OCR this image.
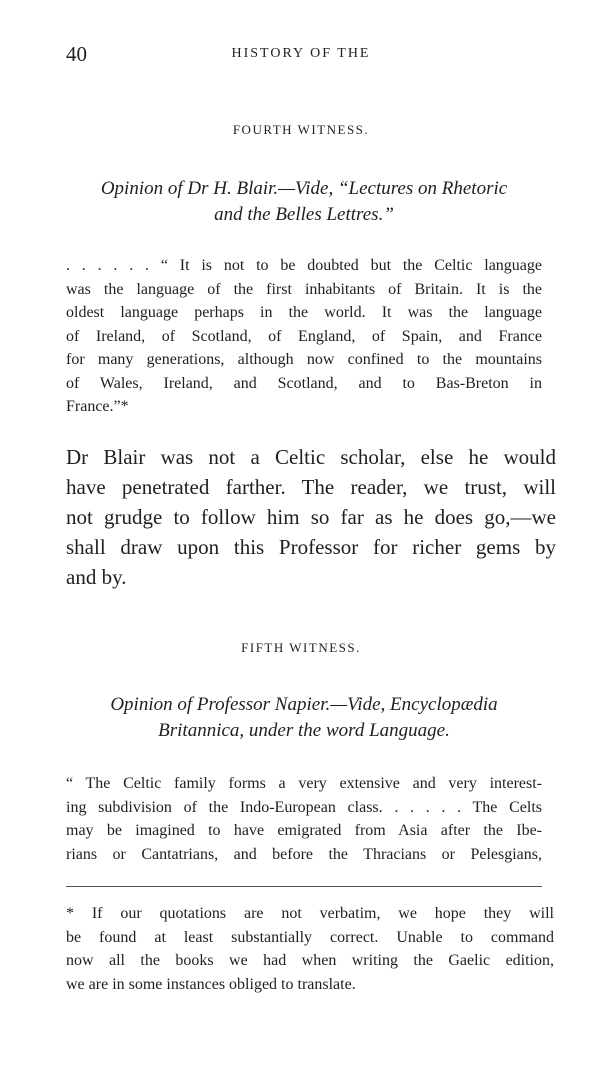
40	HISTORY OF THE
FOURTH WITNESS.
Opinion of Dr H. Blair.—Vide, “Lectures on Rhetoric
and the Belles Lettres.”
. . . . . . “ It is not to be doubted but the Celtic language
was the language of the first inhabitants of Britain. It is the
oldest language perhaps in the world. It was the language
of Ireland, of Scotland, of England, of Spain, and France
for many generations, although now confined to the mountains
of Wales, Ireland, and Scotland, and to Bas-Breton in
France.”*
Dr Blair was not a Celtic scholar, else he would
have penetrated farther. The reader, we trust, will
not grudge to follow him so far as he does go,—we
shall draw upon this Professor for richer gems by
and by.
FIFTH WITNESS.
Opinion of Professor Napier.—Vide, Encyclopædia
Britannica, under the word Language.
“ The Celtic family forms a very extensive and very interest-
ing subdivision of the Indo-European class. . . . . . The Celts
may be imagined to have emigrated from Asia after the Ibe-
rians or Cantatrians, and before the Thracians or Pelesgians,
* If our quotations are not verbatim, we hope they will
be found at least substantially correct. Unable to command
now all the books we had when writing the Gaelic edition,
we are in some instances obliged to translate.
